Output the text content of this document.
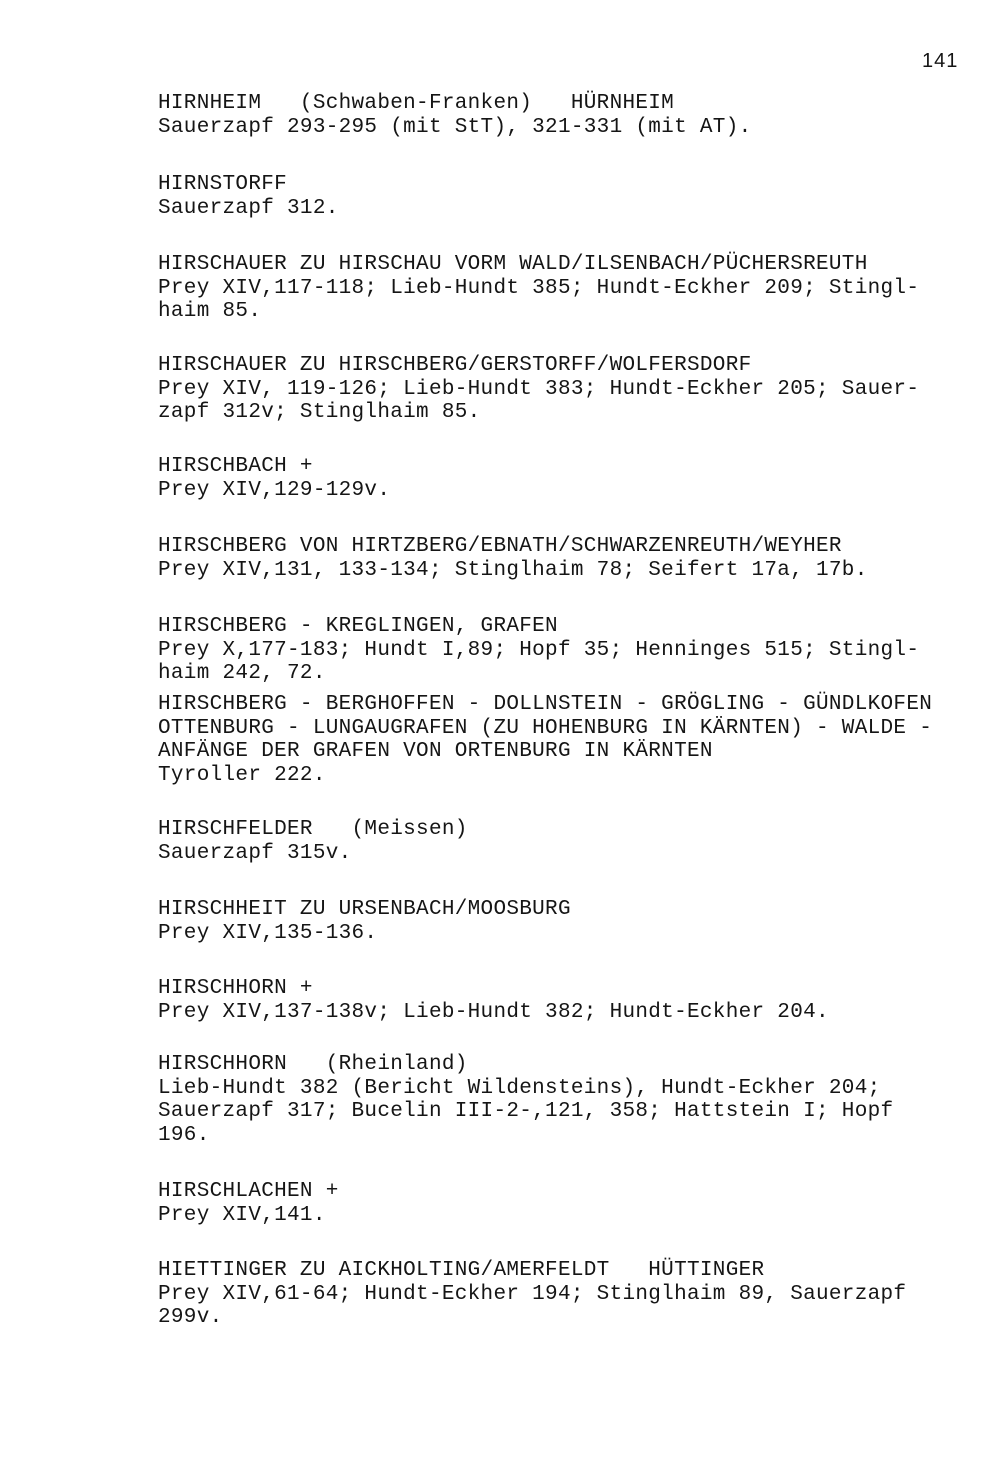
141
HIRNHEIM   (Schwaben-Franken)   HÜRNHEIM
Sauerzapf 293-295 (mit StT), 321-331 (mit AT).
HIRNSTORFF
Sauerzapf 312.
HIRSCHAUER ZU HIRSCHAU VORM WALD/ILSENBACH/PÜCHERSREUTH
Prey XIV,117-118; Lieb-Hundt 385; Hundt-Eckher 209; Stingl-
haim 85.
HIRSCHAUER ZU HIRSCHBERG/GERSTORFF/WOLFERSDORF
Prey XIV, 119-126; Lieb-Hundt 383; Hundt-Eckher 205; Sauer-
zapf 312v; Stinglhaim 85.
HIRSCHBACH +
Prey XIV,129-129v.
HIRSCHBERG VON HIRTZBERG/EBNATH/SCHWARZENREUTH/WEYHER
Prey XIV,131, 133-134; Stinglhaim 78; Seifert 17a, 17b.
HIRSCHBERG - KREGLINGEN, GRAFEN
Prey X,177-183; Hundt I,89; Hopf 35; Henninges 515; Stingl-
haim 242, 72.
HIRSCHBERG - BERGHOFFEN - DOLLNSTEIN - GRÖGLING - GÜNDLKOFEN
OTTENBURG - LUNGAUGRAFEN (ZU HOHENBURG IN KÄRNTEN) - WALDE -
ANFÄNGE DER GRAFEN VON ORTENBURG IN KÄRNTEN
Tyroller 222.
HIRSCHFELDER   (Meissen)
Sauerzapf 315v.
HIRSCHHEIT ZU URSENBACH/MOOSBURG
Prey XIV,135-136.
HIRSCHHORN +
Prey XIV,137-138v; Lieb-Hundt 382; Hundt-Eckher 204.
HIRSCHHORN   (Rheinland)
Lieb-Hundt 382 (Bericht Wildensteins), Hundt-Eckher 204;
Sauerzapf 317; Bucelin III-2-,121, 358; Hattstein I; Hopf
196.
HIRSCHLACHEN +
Prey XIV,141.
HIETTINGER ZU AICKHOLTING/AMERFELDT   HÜTTINGER
Prey XIV,61-64; Hundt-Eckher 194; Stinglhaim 89, Sauerzapf
299v.
